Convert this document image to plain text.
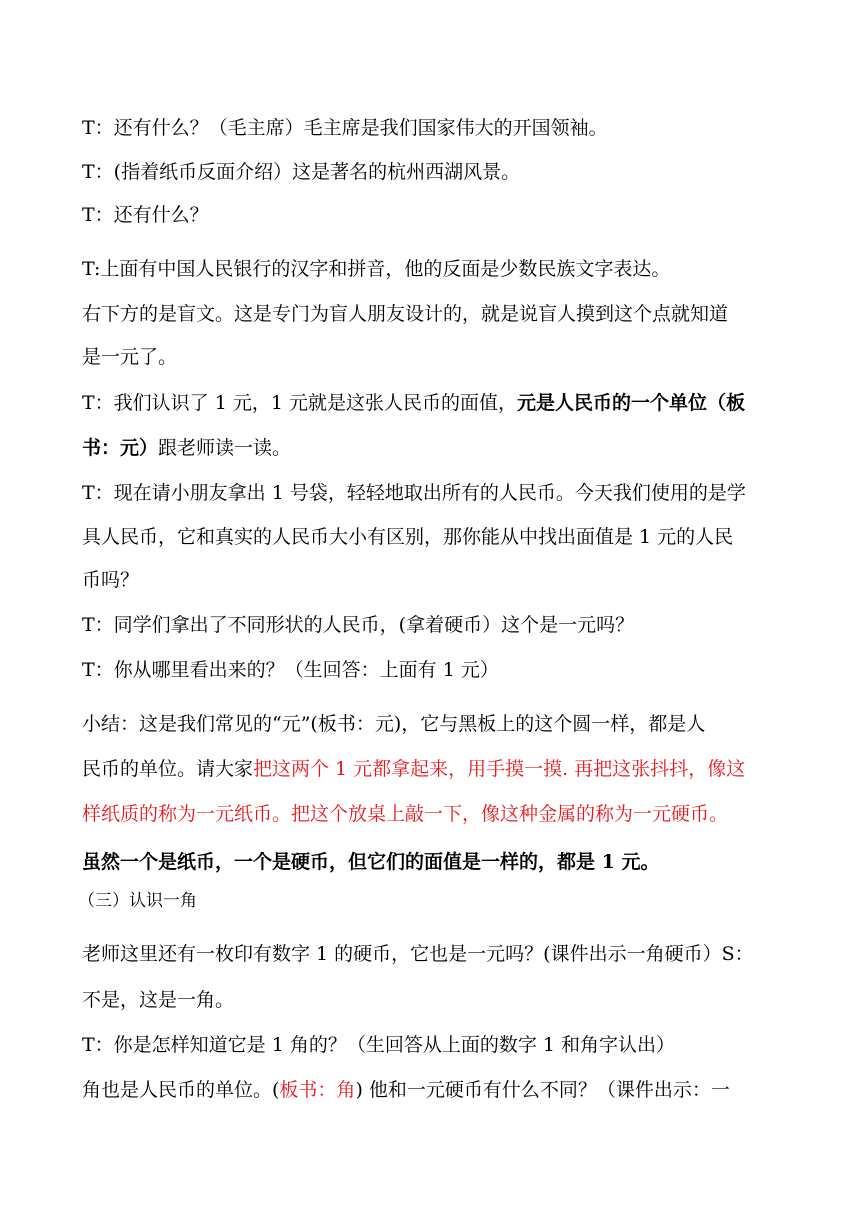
T：还有什么？（毛主席）毛主席是我们国家伟大的开国领袖。
T：(指着纸币反面介绍）这是著名的杭州西湖风景。
T：还有什么？
T:上面有中国人民银行的汉字和拼音，他的反面是少数民族文字表达。
右下方的是盲文。这是专门为盲人朋友设计的，就是说盲人摸到这个点就知道
是一元了。
T：我们认识了 1 元，1 元就是这张人民币的面值，元是人民币的一个单位（板
书：元）跟老师读一读。
T：现在请小朋友拿出 1 号袋，轻轻地取出所有的人民币。今天我们使用的是学
具人民币，它和真实的人民币大小有区别，那你能从中找出面值是 1 元的人民
币吗？
T：同学们拿出了不同形状的人民币，(拿着硬币）这个是一元吗？
T：你从哪里看出来的？（生回答：上面有 1 元）
小结：这是我们常见的“元”(板书：元)，它与黑板上的这个圆一样，都是人
民币的单位。请大家把这两个 1 元都拿起来，用手摸一摸. 再把这张抖抖，像这
样纸质的称为一元纸币。把这个放桌上敲一下，像这种金属的称为一元硬币。
虽然一个是纸币，一个是硬币，但它们的面值是一样的，都是 1 元。
（三）认识一角
老师这里还有一枚印有数字 1 的硬币，它也是一元吗？(课件出示一角硬币）S：
不是，这是一角。
T：你是怎样知道它是 1 角的？（生回答从上面的数字 1 和角字认出）
角也是人民币的单位。(板书：角) 他和一元硬币有什么不同？（课件出示：一
